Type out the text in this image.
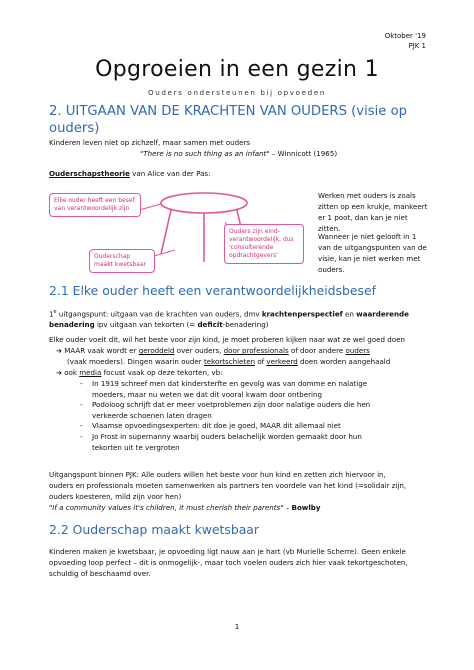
Oktober '19
PJK 1
Opgroeien in een gezin 1
Ouders ondersteunen bij opvoeden
2. UITGAAN VAN DE KRACHTEN VAN OUDERS (visie op ouders)
Kinderen leven niet op zichzelf, maar samen met ouders
"There is no such thing as an infant" – Winnicott (1965)
Ouderschapstheorie van Alice van der Pas:
Elke ouder heeft een besef van verantwoordelijk zijn
Ouderschap maakt kwetsbaar
Ouders zijn eind-verantwoordelijk, dus 'consulterende opdrachtgevers'
Werken met ouders is zoals zitten op een krukje, mankeert er 1 poot, dan kan je niet zitten.
Wanneer je niet gelooft in 1 van de uitgangspunten van de visie, kan je niet werken met ouders.
2.1 Elke ouder heeft een verantwoordelijkheidsbesef
1e uitgangspunt: uitgaan van de krachten van ouders, dmv krachtenperspectief en waarderende
benadering ipv uitgaan van tekorten (= deficit-benadering)
Elke ouder voelt dit, wil het beste voor zijn kind, je moet proberen kijken naar wat ze wel goed doen
➔ MAAR vaak wordt er geroddeld over ouders, door professionals of door andere ouders
(vaak moeders). Dingen waarin ouder tekortschieten of verkeerd doen worden aangehaald
➔ ook media focust vaak op deze tekorten, vb:
- In 1919 schreef men dat kindersterfte en gevolg was van domme en nalatige
moeders, maar nu weten we dat dit vooral kwam door ontbering
- Podoloog schrijft dat er meer voetproblemen zijn door nalatige ouders die hen
verkeerde schoenen laten dragen
- Vlaamse opvoedingsexperten: dit doe je goed, MAAR dit allemaal niet
- Jo Frost in supernanny waarbij ouders belachelijk worden gemaakt door hun
tekorten uit te vergroten
Uitgangspunt binnen PJK: Alle ouders willen het beste voor hun kind en zetten zich hiervoor in,
ouders en professionals moeten samenwerken als partners ten voordele van het kind (=solidair zijn,
ouders koesteren, mild zijn voor hen)
"If a community values it's children, it must cherish their parents" – Bowlby
2.2 Ouderschap maakt kwetsbaar
Kinderen maken je kwetsbaar, je opvoeding ligt nauw aan je hart (vb Murielle Scherre). Geen enkele
opvoeding loop perfect – dit is onmogelijk-, maar toch voelen ouders zich hier vaak tekortgeschoten,
schuldig of beschaamd over.
1
